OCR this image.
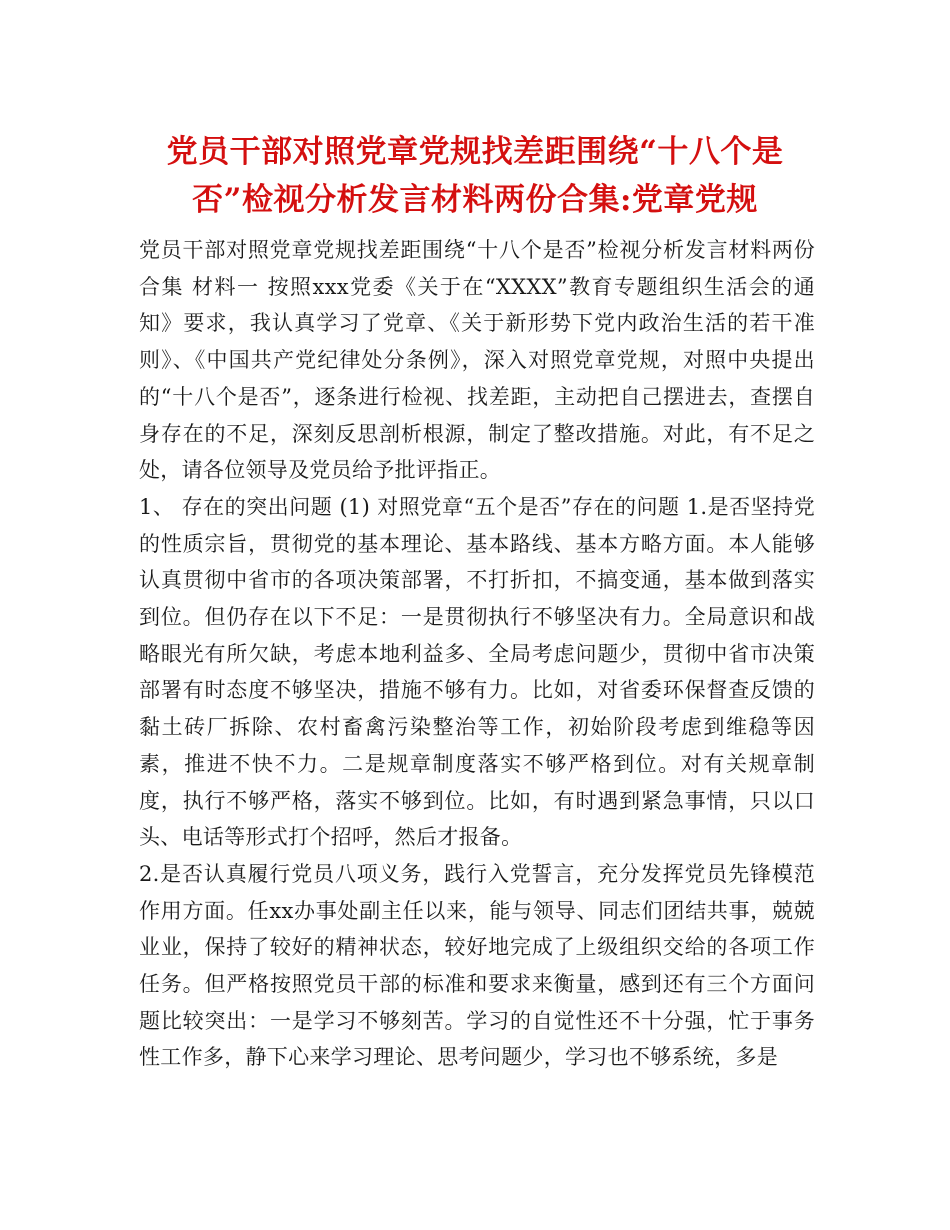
党员干部对照党章党规找差距围绕“十八个是否”检视分析发言材料两份合集:党章党规

党员干部对照党章党规找差距围绕“十八个是否”检视分析发言材料两份合集 材料一 按照xxx党委《关于在“XXXX”教育专题组织生活会的通知》要求，我认真学习了党章、《关于新形势下党内政治生活的若干准则》、《中国共产党纪律处分条例》，深入对照党章党规，对照中央提出的“十八个是否”，逐条进行检视、找差距，主动把自己摆进去，查摆自身存在的不足，深刻反思剖析根源，制定了整改措施。对此，有不足之处，请各位领导及党员给予批评指正。

1、 存在的突出问题 (1) 对照党章“五个是否”存在的问题 1.是否坚持党的性质宗旨，贯彻党的基本理论、基本路线、基本方略方面。本人能够认真贯彻中省市的各项决策部署，不打折扣，不搞变通，基本做到落实到位。但仍存在以下不足：一是贯彻执行不够坚决有力。全局意识和战略眼光有所欠缺，考虑本地利益多、全局考虑问题少，贯彻中省市决策部署有时态度不够坚决，措施不够有力。比如，对省委环保督查反馈的黏土砖厂拆除、农村畜禽污染整治等工作，初始阶段考虑到维稳等因素，推进不快不力。二是规章制度落实不够严格到位。对有关规章制度，执行不够严格，落实不够到位。比如，有时遇到紧急事情，只以口头、电话等形式打个招呼，然后才报备。

2.是否认真履行党员八项义务，践行入党誓言，充分发挥党员先锋模范作用方面。任xx办事处副主任以来，能与领导、同志们团结共事，兢兢业业，保持了较好的精神状态，较好地完成了上级组织交给的各项工作任务。但严格按照党员干部的标准和要求来衡量，感到还有三个方面问题比较突出：一是学习不够刻苦。学习的自觉性还不十分强，忙于事务性工作多，静下心来学习理论、思考问题少，学习也不够系统，多是
